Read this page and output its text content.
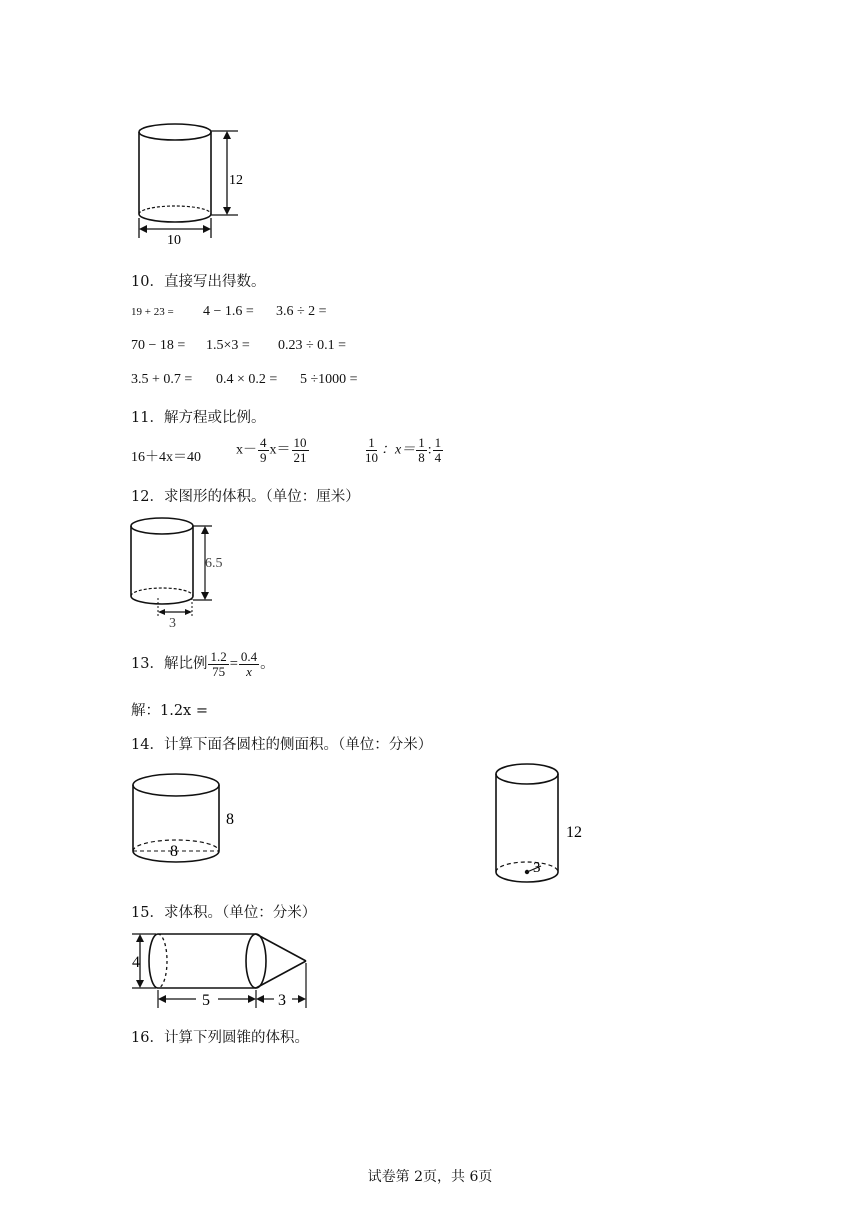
12
10
10．直接写出得数。
19 + 23 = 4 − 1.6 = 3.6 ÷ 2 =
70 − 18 = 1.5×3 = 0.23 ÷ 0.1 =
3.5 + 0.7 = 0.4 × 0.2 = 5 ÷1000 =
11．解方程或比例。
16＋4x＝40
$x- \frac{4}{9} x= \frac{10}{21}$	$\frac{1}{10}$ ：$x= \frac{1}{8}$ : $\frac{1}{4}$
12．求图形的体积。（单位：厘米）
6.5
3
13．解比例 $\frac{1.2}{75} = \frac{0.4}{x}$ 。
解：1.2x =
14．计算下面各圆柱的侧面积。（单位：分米）
8
8
3
12
15．求体积。（单位：分米）
4
5	3
16．计算下列圆锥的体积。
试卷第 2页，共 6页
